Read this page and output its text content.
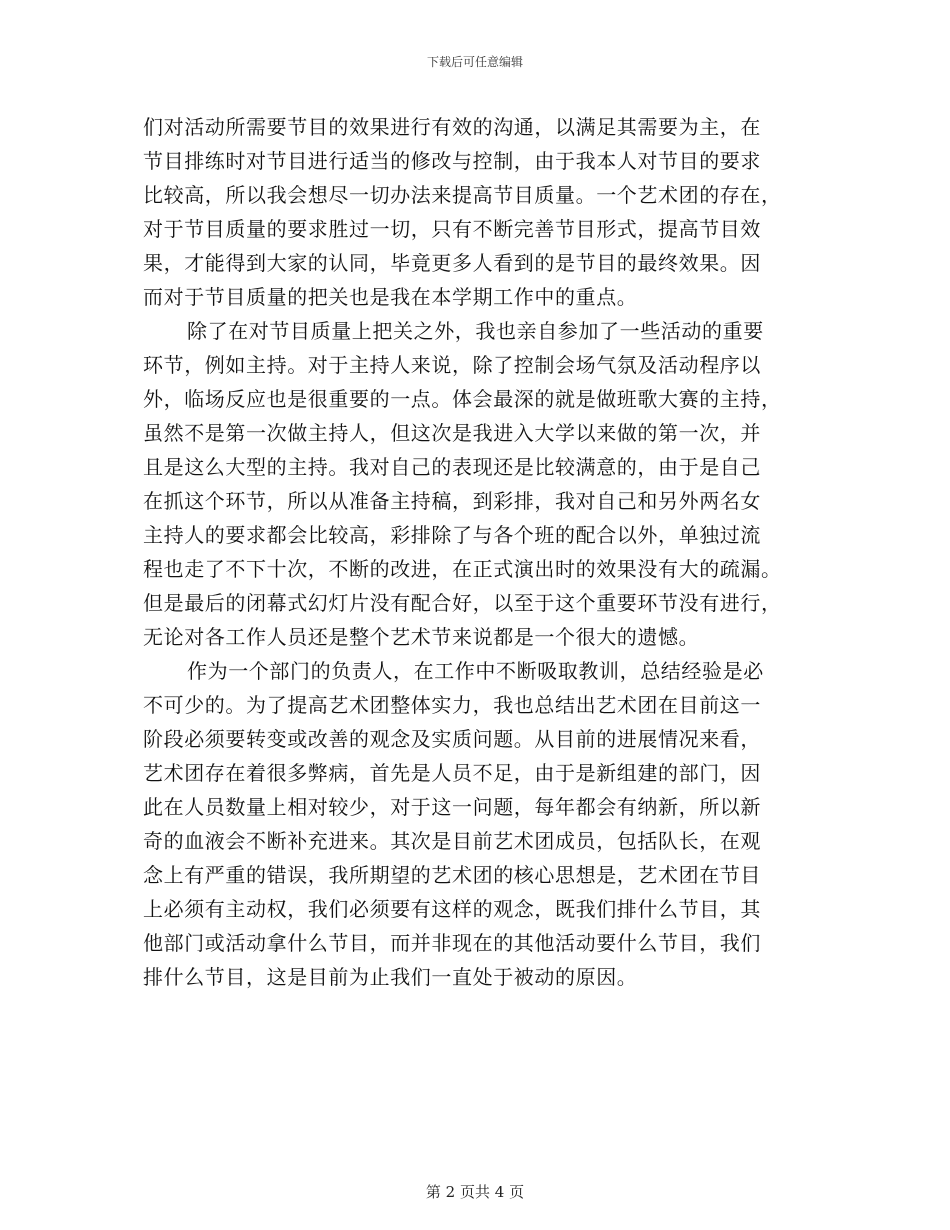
下载后可任意编辑
们对活动所需要节目的效果进行有效的沟通，以满足其需要为主，在
节目排练时对节目进行适当的修改与控制，由于我本人对节目的要求
比较高，所以我会想尽一切办法来提高节目质量。一个艺术团的存在，
对于节目质量的要求胜过一切，只有不断完善节目形式，提高节目效
果，才能得到大家的认同，毕竟更多人看到的是节目的最终效果。因
而对于节目质量的把关也是我在本学期工作中的重点。
除了在对节目质量上把关之外，我也亲自参加了一些活动的重要
环节，例如主持。对于主持人来说，除了控制会场气氛及活动程序以
外，临场反应也是很重要的一点。体会最深的就是做班歌大赛的主持，
虽然不是第一次做主持人，但这次是我进入大学以来做的第一次，并
且是这么大型的主持。我对自己的表现还是比较满意的，由于是自己
在抓这个环节，所以从准备主持稿，到彩排，我对自己和另外两名女
主持人的要求都会比较高，彩排除了与各个班的配合以外，单独过流
程也走了不下十次，不断的改进，在正式演出时的效果没有大的疏漏。
但是最后的闭幕式幻灯片没有配合好，以至于这个重要环节没有进行，
无论对各工作人员还是整个艺术节来说都是一个很大的遗憾。
作为一个部门的负责人，在工作中不断吸取教训，总结经验是必
不可少的。为了提高艺术团整体实力，我也总结出艺术团在目前这一
阶段必须要转变或改善的观念及实质问题。从目前的进展情况来看，
艺术团存在着很多弊病，首先是人员不足，由于是新组建的部门，因
此在人员数量上相对较少，对于这一问题，每年都会有纳新，所以新
奇的血液会不断补充进来。其次是目前艺术团成员，包括队长，在观
念上有严重的错误，我所期望的艺术团的核心思想是，艺术团在节目
上必须有主动权，我们必须要有这样的观念，既我们排什么节目，其
他部门或活动拿什么节目，而并非现在的其他活动要什么节目，我们
排什么节目，这是目前为止我们一直处于被动的原因。
第 2 页共 4 页
